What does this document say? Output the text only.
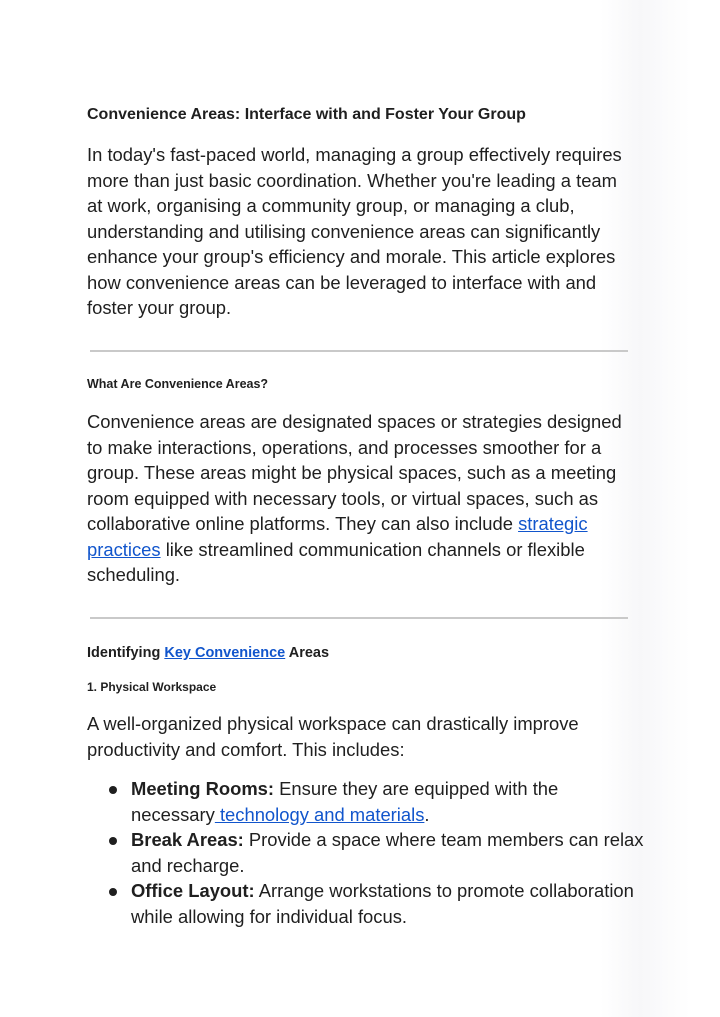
Convenience Areas: Interface with and Foster Your Group

In today's fast-paced world, managing a group effectively requires more than just basic coordination. Whether you're leading a team at work, organising a community group, or managing a club, understanding and utilising convenience areas can significantly enhance your group's efficiency and morale. This article explores how convenience areas can be leveraged to interface with and foster your group.

What Are Convenience Areas?

Convenience areas are designated spaces or strategies designed to make interactions, operations, and processes smoother for a group. These areas might be physical spaces, such as a meeting room equipped with necessary tools, or virtual spaces, such as collaborative online platforms. They can also include strategic practices like streamlined communication channels or flexible scheduling.

Identifying Key Convenience Areas
1. Physical Workspace

A well-organized physical workspace can drastically improve productivity and comfort. This includes:

Meeting Rooms: Ensure they are equipped with the necessary technology and materials.
Break Areas: Provide a space where team members can relax and recharge.
Office Layout: Arrange workstations to promote collaboration while allowing for individual focus.
